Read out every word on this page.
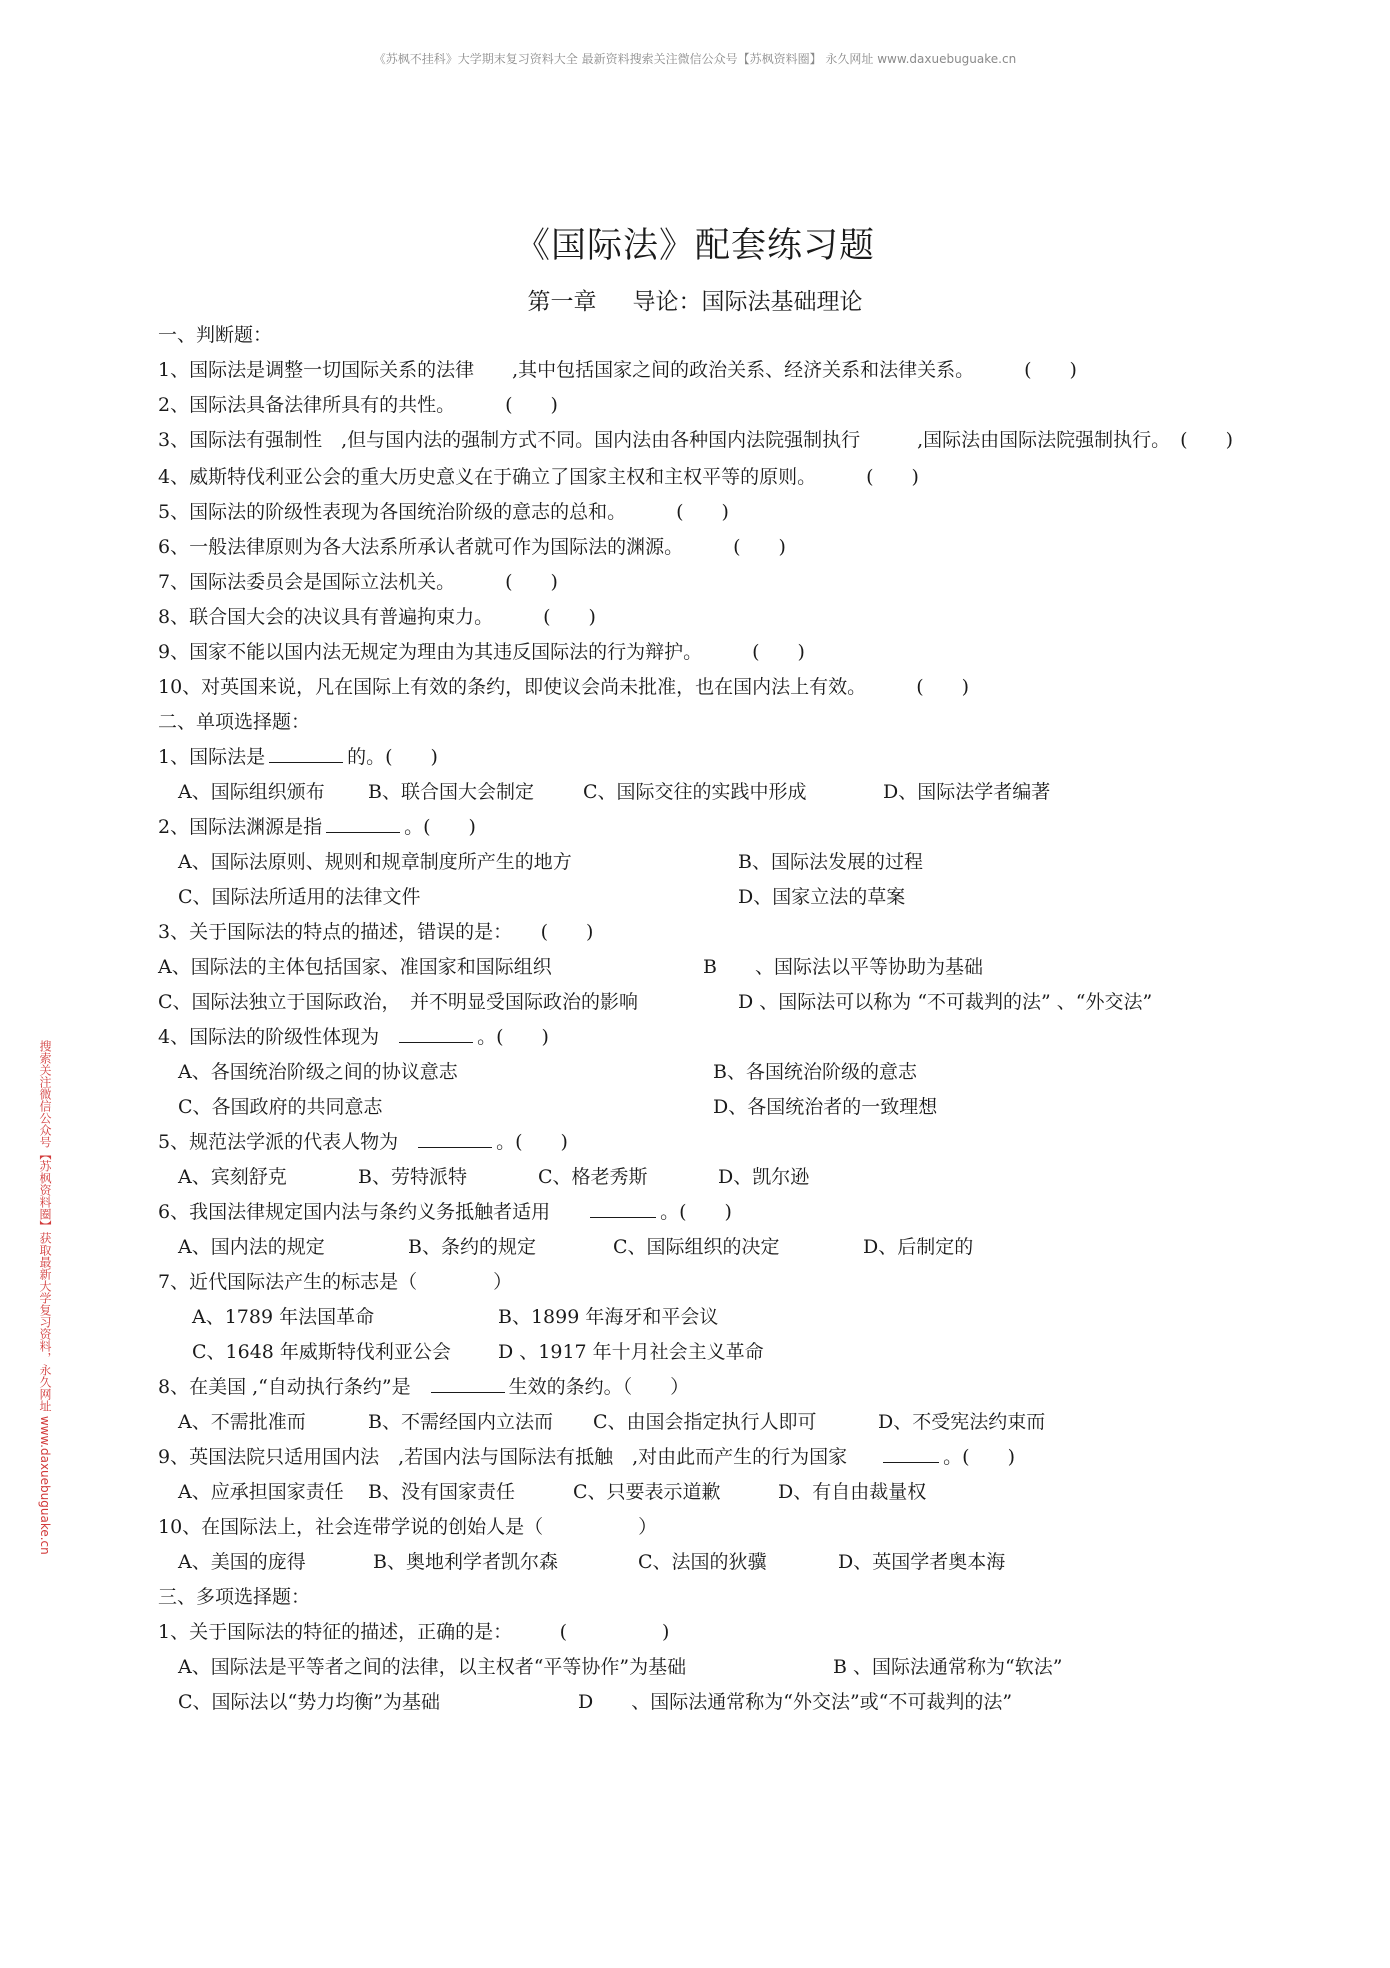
《苏枫不挂科》大学期末复习资料大全 最新资料搜索关注微信公众号【苏枫资料圈】 永久网址 www.daxuebuguake.cn
搜索关注微信公众号【苏枫资料圈】获取最新大学复习资料，永久网址 www.daxuebuguake.cn
《国际法》配套练习题
第一章 导论：国际法基础理论
一、判断题：
1、国际法是调整一切国际关系的法律　　,其中包括国家之间的政治关系、经济关系和法律关系。	(　　)
2、国际法具备法律所具有的共性。	(　　)
3、国际法有强制性　,但与国内法的强制方式不同。国内法由各种国内法院强制执行　　　,国际法由国际法院强制执行。 (　　)
4、威斯特伐利亚公会的重大历史意义在于确立了国家主权和主权平等的原则。	(　　)
5、国际法的阶级性表现为各国统治阶级的意志的总和。	(　　)
6、一般法律原则为各大法系所承认者就可作为国际法的渊源。	(　　)
7、国际法委员会是国际立法机关。	(　　)
8、联合国大会的决议具有普遍拘束力。	(　　)
9、国家不能以国内法无规定为理由为其违反国际法的行为辩护。	(　　)
10、对英国来说，凡在国际上有效的条约，即使议会尚未批准，也在国内法上有效。	(　　)
二、单项选择题：
1、国际法是	的。(　　)
A、国际组织颁布 B、联合国大会制定	C、国际交往的实践中形成	D、国际法学者编著
2、国际法渊源是指	。(　　)
A、国际法原则、规则和规章制度所产生的地方	B、国际法发展的过程
C、国际法所适用的法律文件	D、国家立法的草案
3、关于国际法的特点的描述，错误的是：　　(　　)
A、国际法的主体包括国家、准国家和国际组织	B　　、国际法以平等协助为基础
C、国际法独立于国际政治，　并不明显受国际政治的影响	D 、国际法可以称为 “不可裁判的法” 、“外交法”
4、国际法的阶级性体现为	。(　　)
A、各国统治阶级之间的协议意志	B、各国统治阶级的意志
C、各国政府的共同意志	D、各国统治者的一致理想
5、规范法学派的代表人物为	。(　　)
A、宾刻舒克	B、劳特派特	C、格老秀斯	D、凯尔逊
6、我国法律规定国内法与条约义务抵触者适用	。(　　)
A、国内法的规定	B、条约的规定	C、国际组织的决定	D、后制定的
7、近代国际法产生的标志是（　　　　）
A、1789 年法国革命	B、1899 年海牙和平会议
C、1648 年威斯特伐利亚公会 D 、1917 年十月社会主义革命
8、在美国 ,“自动执行条约”是	生效的条约。（　　）
A、不需批准而	B、不需经国内立法而 C、由国会指定执行人即可	D、不受宪法约束而
9、英国法院只适用国内法　,若国内法与国际法有抵触　,对由此而产生的行为国家	。(　　)
A、应承担国家责任 B、没有国家责任	C、只要表示道歉	D、有自由裁量权
10、在国际法上，社会连带学说的创始人是（　　　　　）
A、美国的庞得	B、奥地利学者凯尔森	C、法国的狄骥	D、英国学者奥本海
三、多项选择题：
1、关于国际法的特征的描述，正确的是：　　　(　　　　　)
A、国际法是平等者之间的法律，以主权者“平等协作”为基础	B 、国际法通常称为“软法”
C、国际法以“势力均衡”为基础	D　　、国际法通常称为“外交法”或“不可裁判的法”
